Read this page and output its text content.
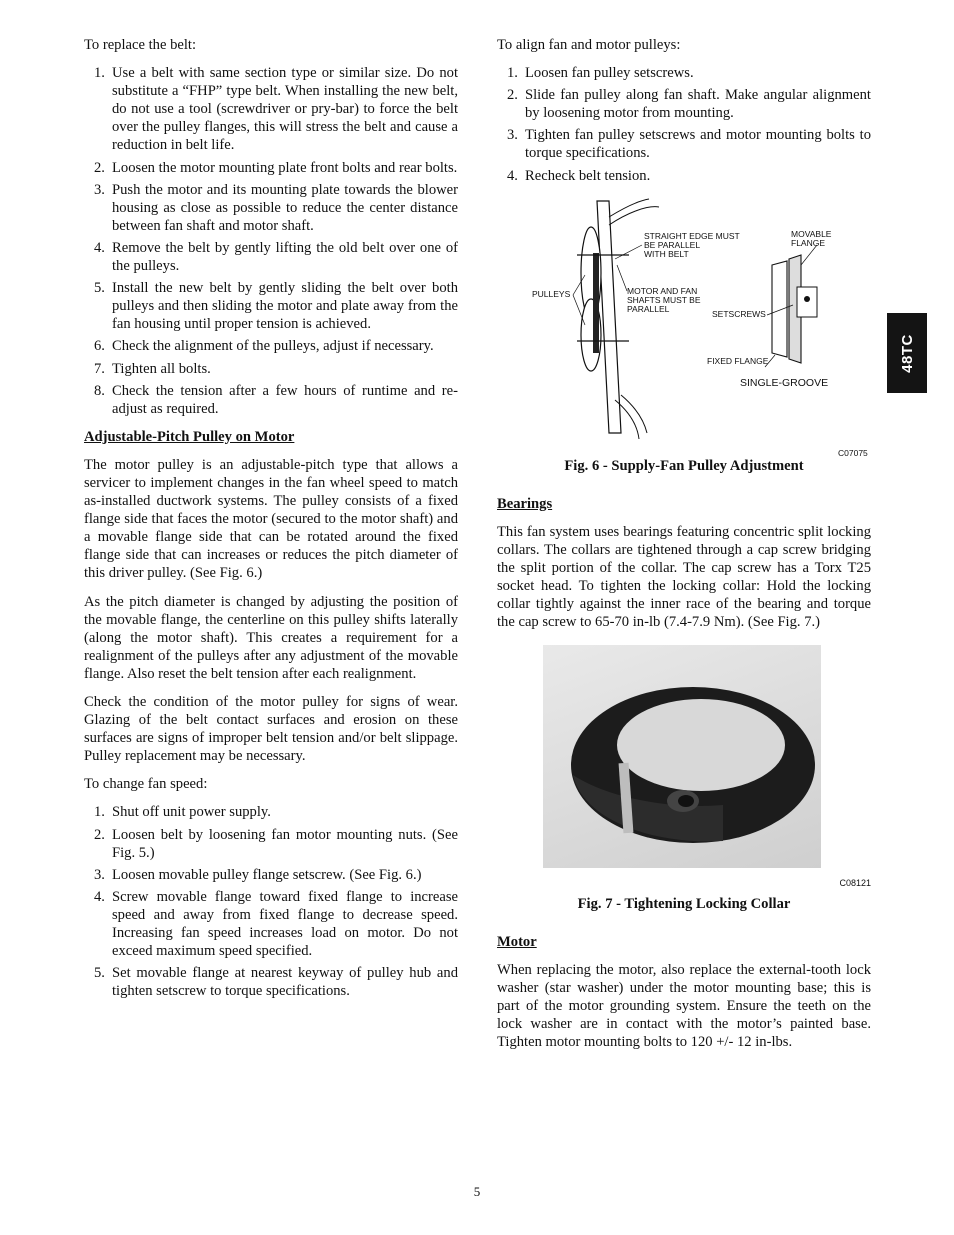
To replace the belt:

1. Use a belt with same section type or similar size. Do not substitute a “FHP” type belt. When installing the new belt, do not use a tool (screwdriver or pry-bar) to force the belt over the pulley flanges, this will stress the belt and cause a reduction in belt life.
2. Loosen the motor mounting plate front bolts and rear bolts.
3. Push the motor and its mounting plate towards the blower housing as close as possible to reduce the center distance between fan shaft and motor shaft.
4. Remove the belt by gently lifting the old belt over one of the pulleys.
5. Install the new belt by gently sliding the belt over both pulleys and then sliding the motor and plate away from the fan housing until proper tension is achieved.
6. Check the alignment of the pulleys, adjust if necessary.
7. Tighten all bolts.
8. Check the tension after a few hours of runtime and re-adjust as required.
Adjustable-Pitch Pulley on Motor

The motor pulley is an adjustable-pitch type that allows a servicer to implement changes in the fan wheel speed to match as-installed ductwork systems. The pulley consists of a fixed flange side that faces the motor (secured to the motor shaft) and a movable flange side that can be rotated around the fixed flange side that can increases or reduces the pitch diameter of this driver pulley. (See Fig. 6.)

As the pitch diameter is changed by adjusting the position of the movable flange, the centerline on this pulley shifts laterally (along the motor shaft). This creates a requirement for a realignment of the pulleys after any adjustment of the movable flange. Also reset the belt tension after each realignment.

Check the condition of the motor pulley for signs of wear. Glazing of the belt contact surfaces and erosion on these surfaces are signs of improper belt tension and/or belt slippage. Pulley replacement may be necessary.

To change fan speed:

1. Shut off unit power supply.
2. Loosen belt by loosening fan motor mounting nuts. (See Fig. 5.)
3. Loosen movable pulley flange setscrew. (See Fig. 6.)
4. Screw movable flange toward fixed flange to increase speed and away from fixed flange to decrease speed. Increasing fan speed increases load on motor. Do not exceed maximum speed specified.
5. Set movable flange at nearest keyway of pulley hub and tighten setscrew to torque specifications.

To align fan and motor pulleys:

1. Loosen fan pulley setscrews.
2. Slide fan pulley along fan shaft. Make angular alignment by loosening motor from mounting.
3. Tighten fan pulley setscrews and motor mounting bolts to torque specifications.
4. Recheck belt tension.
STRAIGHT EDGE MUST
BE PARALLEL
WITH BELT
PULLEYS	MOTOR AND FAN
SHAFTS MUST BE
PARALLEL
MOVABLE
FLANGE
SETSCREWS
FIXED FLANGE
SINGLE-GROOVE
C07075
Fig. 6 - Supply-Fan Pulley Adjustment
Bearings

This fan system uses bearings featuring concentric split locking collars. The collars are tightened through a cap screw bridging the split portion of the collar. The cap screw has a Torx T25 socket head. To tighten the locking collar: Hold the locking collar tightly against the inner race of the bearing and torque the cap screw to 65-70 in-lb (7.4-7.9 Nm). (See Fig. 7.)

C08121
Fig. 7 - Tightening Locking Collar
Motor

When replacing the motor, also replace the external-tooth lock washer (star washer) under the motor mounting base; this is part of the motor grounding system. Ensure the teeth on the lock washer are in contact with the motor’s painted base. Tighten motor mounting bolts to 120 +/- 12 in-lbs.

48TC
5
